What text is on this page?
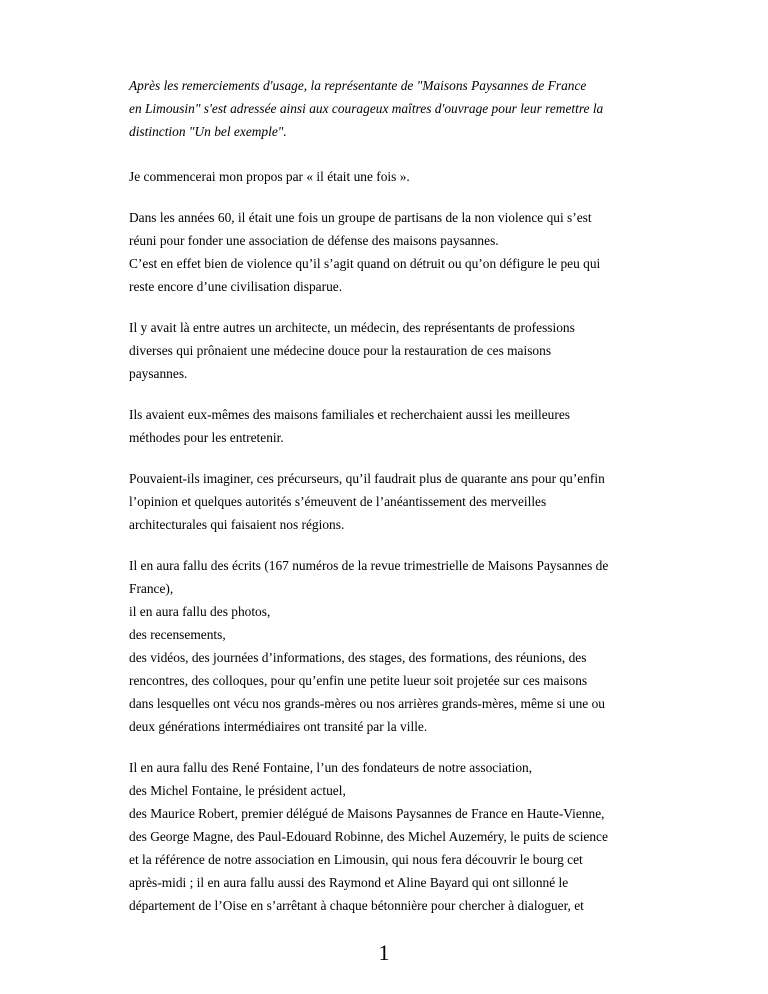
Après les remerciements d'usage, la représentante de "Maisons Paysannes de France
en Limousin" s'est adressée ainsi aux courageux maîtres d'ouvrage pour leur remettre la
distinction "Un bel exemple".
Je commencerai mon propos par « il était une fois ».
Dans les années 60, il était une fois un groupe de partisans de la non violence qui s’est
réuni pour fonder une association de défense des maisons paysannes.
C’est en effet bien de violence qu’il s’agit quand on détruit ou qu’on défigure le peu qui
reste encore d’une civilisation disparue.
Il y avait là entre autres un architecte, un médecin, des représentants de professions
diverses qui prônaient une médecine douce pour la restauration de ces maisons
paysannes.
Ils avaient eux-mêmes des maisons familiales et recherchaient aussi les meilleures
méthodes pour les entretenir.
Pouvaient-ils imaginer, ces précurseurs, qu’il faudrait plus de quarante ans pour qu’enfin
l’opinion et quelques autorités s’émeuvent de l’anéantissement des merveilles
architecturales qui faisaient nos régions.
Il en aura fallu des écrits (167 numéros de la revue trimestrielle de Maisons Paysannes de
France),
il en aura fallu des photos,
des recensements,
des vidéos, des journées d’informations, des stages, des formations, des réunions, des
rencontres, des colloques, pour qu’enfin une petite lueur soit projetée sur ces maisons
dans lesquelles ont vécu nos grands-mères ou nos arrières grands-mères, même si une ou
deux générations intermédiaires ont transité par la ville.
Il en aura fallu des René Fontaine, l’un des fondateurs de notre association,
des Michel Fontaine, le président actuel,
des Maurice Robert, premier délégué de Maisons Paysannes de France en Haute-Vienne,
des George Magne, des Paul-Edouard Robinne, des Michel Auzeméry, le puits de science
et la référence de notre association en Limousin, qui nous fera découvrir le bourg cet
après-midi ; il en aura fallu aussi des Raymond et Aline Bayard qui ont sillonné le
département de l’Oise en s’arrêtant à chaque bétonnière pour chercher à dialoguer, et
1
